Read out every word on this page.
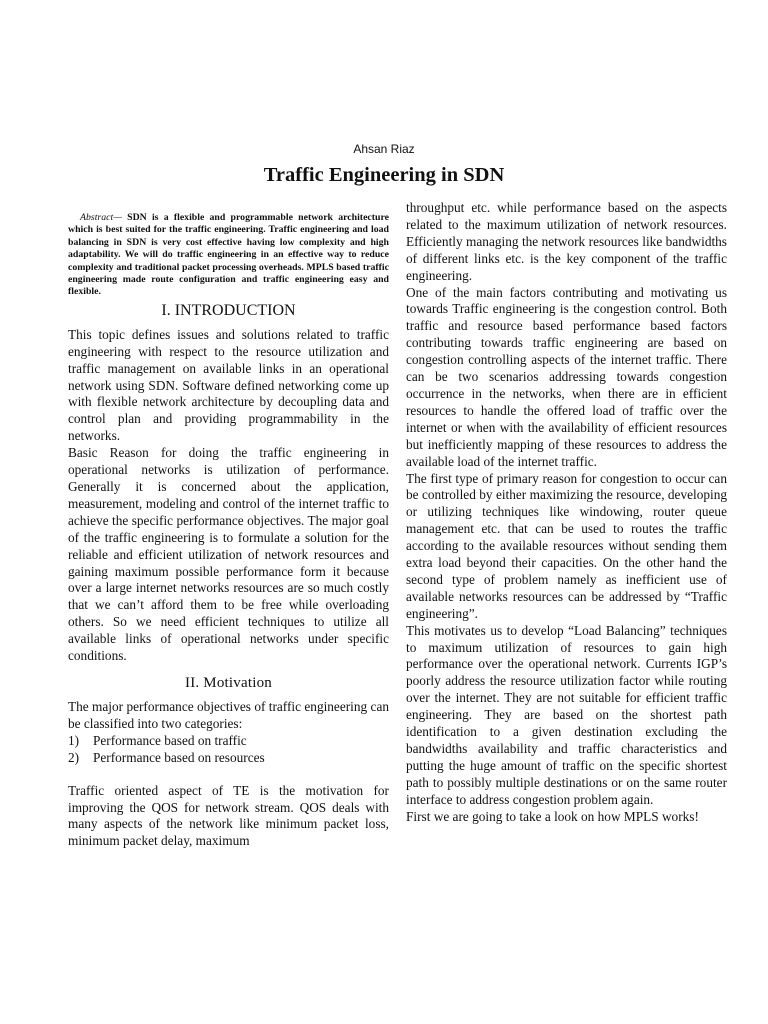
Ahsan Riaz
Traffic Engineering in SDN

Abstract— SDN is a flexible and programmable network architecture which is best suited for the traffic engineering. Traffic engineering and load balancing in SDN is very cost effective having low complexity and high adaptability. We will do traffic engineering in an effective way to reduce complexity and traditional packet processing overheads. MPLS based traffic engineering made route configuration and traffic engineering easy and flexible.

I. INTRODUCTION

This topic defines issues and solutions related to traffic engineering with respect to the resource utilization and traffic management on available links in an operational network using SDN. Software defined networking come up with flexible network architecture by decoupling data and control plan and providing programmability in the networks.

Basic Reason for doing the traffic engineering in operational networks is utilization of performance. Generally it is concerned about the application, measurement, modeling and control of the internet traffic to achieve the specific performance objectives. The major goal of the traffic engineering is to formulate a solution for the reliable and efficient utilization of network resources and gaining maximum possible performance form it because over a large internet networks resources are so much costly that we can’t afford them to be free while overloading others. So we need efficient techniques to utilize all available links of operational networks under specific conditions.

II. Motivation

The major performance objectives of traffic engineering can be classified into two categories:

1)	Performance based on traffic
2)	Performance based on resources

Traffic oriented aspect of TE is the motivation for improving the QOS for network stream. QOS deals with many aspects of the network like minimum packet loss, minimum packet delay, maximum

throughput etc. while performance based on the aspects related to the maximum utilization of network resources. Efficiently managing the network resources like bandwidths of different links etc. is the key component of the traffic engineering.

One of the main factors contributing and motivating us towards Traffic engineering is the congestion control. Both traffic and resource based performance based factors contributing towards traffic engineering are based on congestion controlling aspects of the internet traffic. There can be two scenarios addressing towards congestion occurrence in the networks, when there are in efficient resources to handle the offered load of traffic over the internet or when with the availability of efficient resources but inefficiently mapping of these resources to address the available load of the internet traffic.

The first type of primary reason for congestion to occur can be controlled by either maximizing the resource, developing or utilizing techniques like windowing, router queue management etc. that can be used to routes the traffic according to the available resources without sending them extra load beyond their capacities. On the other hand the second type of problem namely as inefficient use of available networks resources can be addressed by “Traffic engineering”.

This motivates us to develop “Load Balancing” techniques to maximum utilization of resources to gain high performance over the operational network. Currents IGP’s poorly address the resource utilization factor while routing over the internet. They are not suitable for efficient traffic engineering. They are based on the shortest path identification to a given destination excluding the bandwidths availability and traffic characteristics and putting the huge amount of traffic on the specific shortest path to possibly multiple destinations or on the same router interface to address congestion problem again.

First we are going to take a look on how MPLS works!
